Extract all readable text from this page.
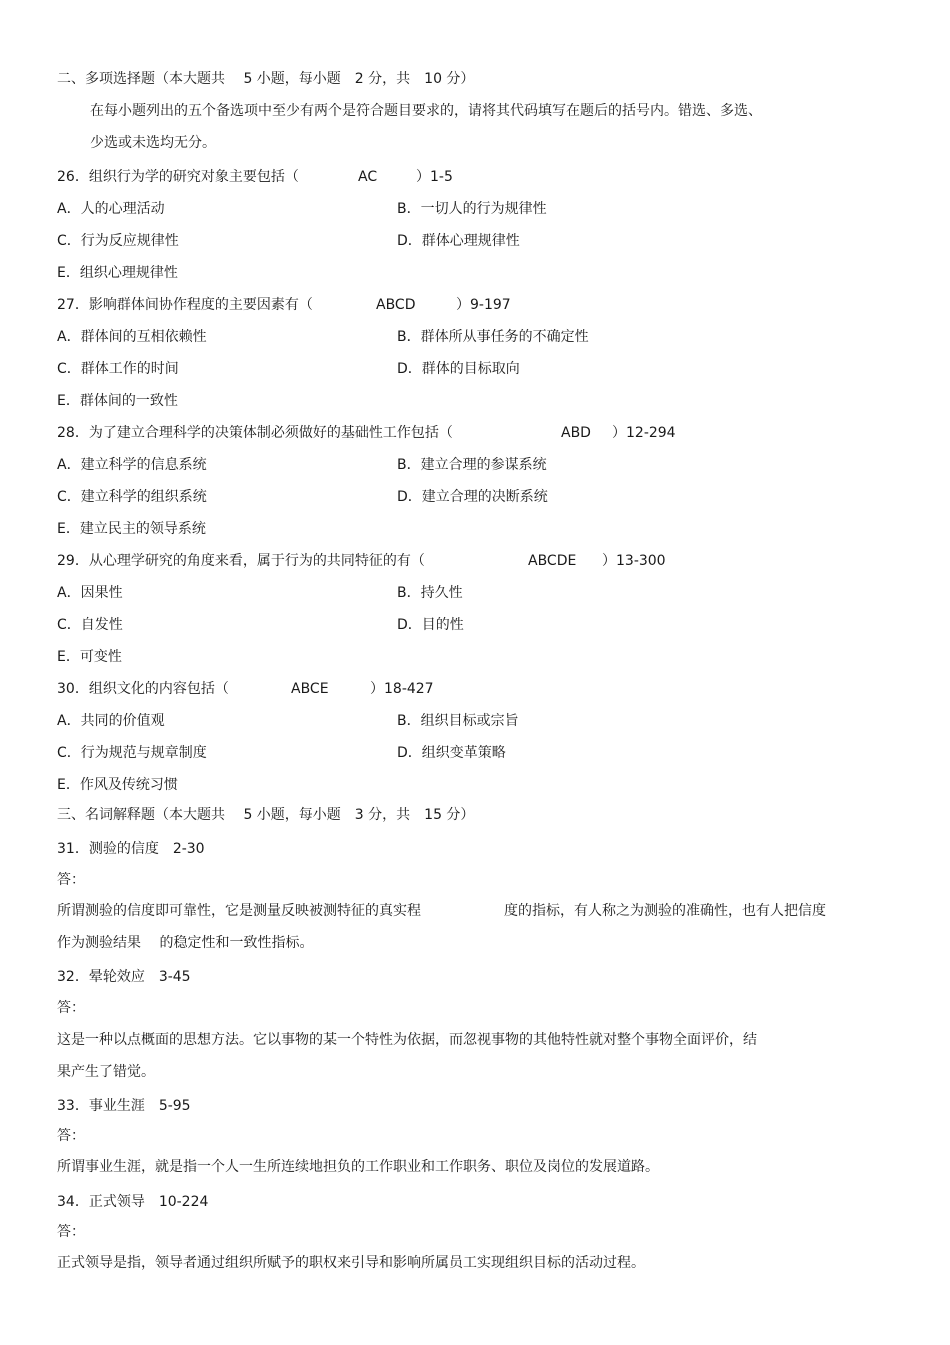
二、多项选择题（本大题共　 5 小题，每小题　2 分，共　10 分）
在每小题列出的五个备选项中至少有两个是符合题目要求的，请将其代码填写在题后的括号内。错选、多选、
少选或未选均无分。
26．组织行为学的研究对象主要包括（	AC	）1-5
A．人的心理活动	B．一切人的行为规律性
C．行为反应规律性	D．群体心理规律性
E．组织心理规律性
27．影响群体间协作程度的主要因素有（	ABCD	）9-197
A．群体间的互相依赖性	B．群体所从事任务的不确定性
C．群体工作的时间	D．群体的目标取向
E．群体间的一致性
28．为了建立合理科学的决策体制必须做好的基础性工作包括（	ABD ）12-294
A．建立科学的信息系统	B．建立合理的参谋系统
C．建立科学的组织系统	D．建立合理的决断系统
E．建立民主的领导系统
29．从心理学研究的角度来看，属于行为的共同特征的有（	ABCDE ）13-300
A．因果性	B．持久性
C．自发性	D．目的性
E．可变性
30．组织文化的内容包括（	ABCE	）18-427
A．共同的价值观	B．组织目标或宗旨
C．行为规范与规章制度	D．组织变革策略
E．作风及传统习惯
三、名词解释题（本大题共　 5 小题，每小题　3 分，共　15 分）
31．测验的信度　2-30
答：
所谓测验的信度即可靠性，它是测量反映被测特征的真实程	度的指标，有人称之为测验的准确性，也有人把信度
作为测验结果　 的稳定性和一致性指标。
32．晕轮效应　3-45
答：
这是一种以点概面的思想方法。它以事物的某一个特性为依据，而忽视事物的其他特性就对整个事物全面评价，结
果产生了错觉。
33．事业生涯　5-95
答：
所谓事业生涯，就是指一个人一生所连续地担负的工作职业和工作职务、职位及岗位的发展道路。
34．正式领导　10-224
答：
正式领导是指，领导者通过组织所赋予的职权来引导和影响所属员工实现组织目标的活动过程。
